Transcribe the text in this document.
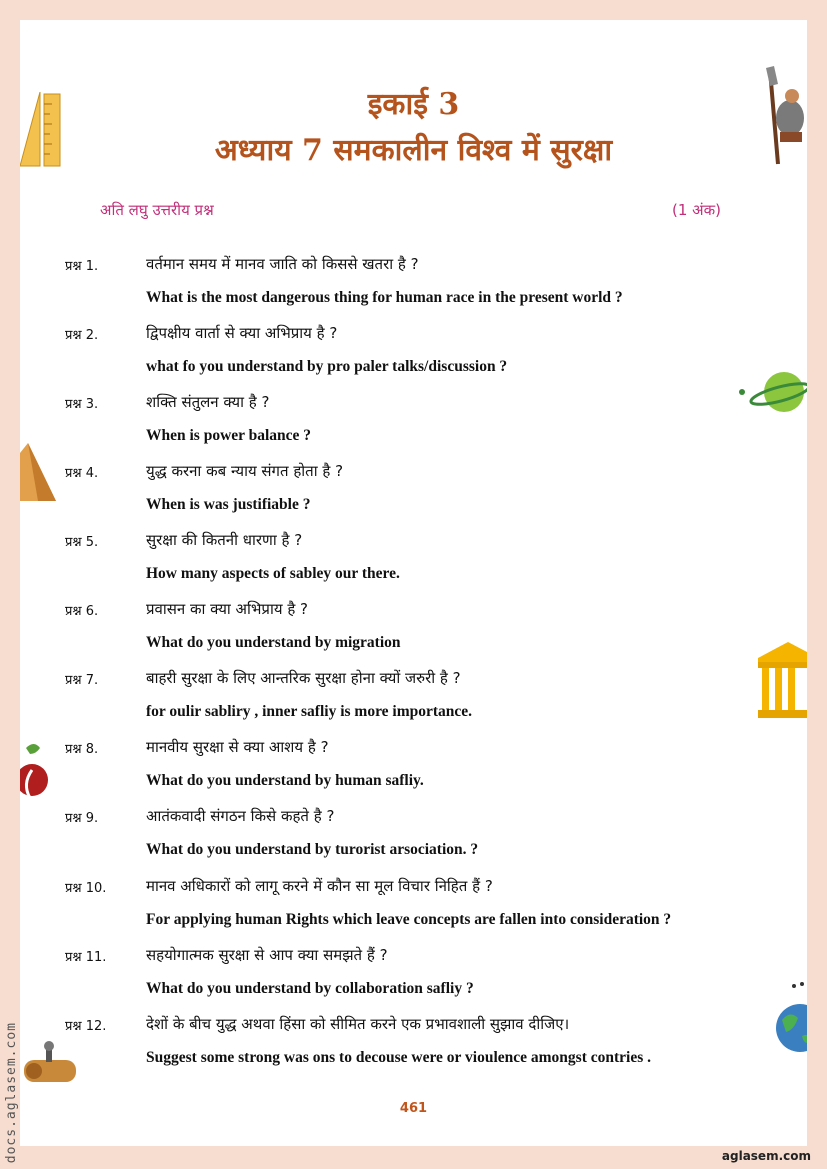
इकाई 3
अध्याय 7 समकालीन विश्व में सुरक्षा
अति लघु उत्तरीय प्रश्न	(1 अंक)
प्रश्न 1.	वर्तमान समय में मानव जाति को किससे खतरा है ?
What is the most dangerous thing for human race in the present world ?
प्रश्न 2.	द्विपक्षीय वार्ता से क्या अभिप्राय है ?
what fo you understand by pro paler talks/discussion ?
प्रश्न 3.	शक्ति संतुलन क्या है ?
When is power balance ?
प्रश्न 4.	युद्ध करना कब न्याय संगत होता है ?
When is was justifiable ?
प्रश्न 5.	सुरक्षा की कितनी धारणा है ?
How many aspects of sabley our there.
प्रश्न 6.	प्रवासन का क्या अभिप्राय है ?
What do you understand by migration
प्रश्न 7.	बाहरी सुरक्षा के लिए आन्तरिक सुरक्षा होना क्यों जरुरी है ?
for oulir sabliry , inner safliy is more importance.
प्रश्न 8.	मानवीय सुरक्षा से क्या आशय है ?
What do you understand by human safliy.
प्रश्न 9.	आतंकवादी संगठन किसे कहते है ?
What do you understand by turorist arsociation. ?
प्रश्न 10.	मानव अधिकारों को लागू करने में कौन सा मूल विचार निहित हैं ?
For applying human Rights which leave concepts are fallen into consideration ?
प्रश्न 11.	सहयोगात्मक सुरक्षा से आप क्या समझते हैं ?
What do you understand by collaboration safliy ?
प्रश्न 12.	देशों के बीच युद्ध अथवा हिंसा को सीमित करने एक प्रभावशाली सुझाव दीजिए।
Suggest some strong was ons to decouse were or vioulence amongst contries .
461
docs.aglasem.com	aglasem.com
